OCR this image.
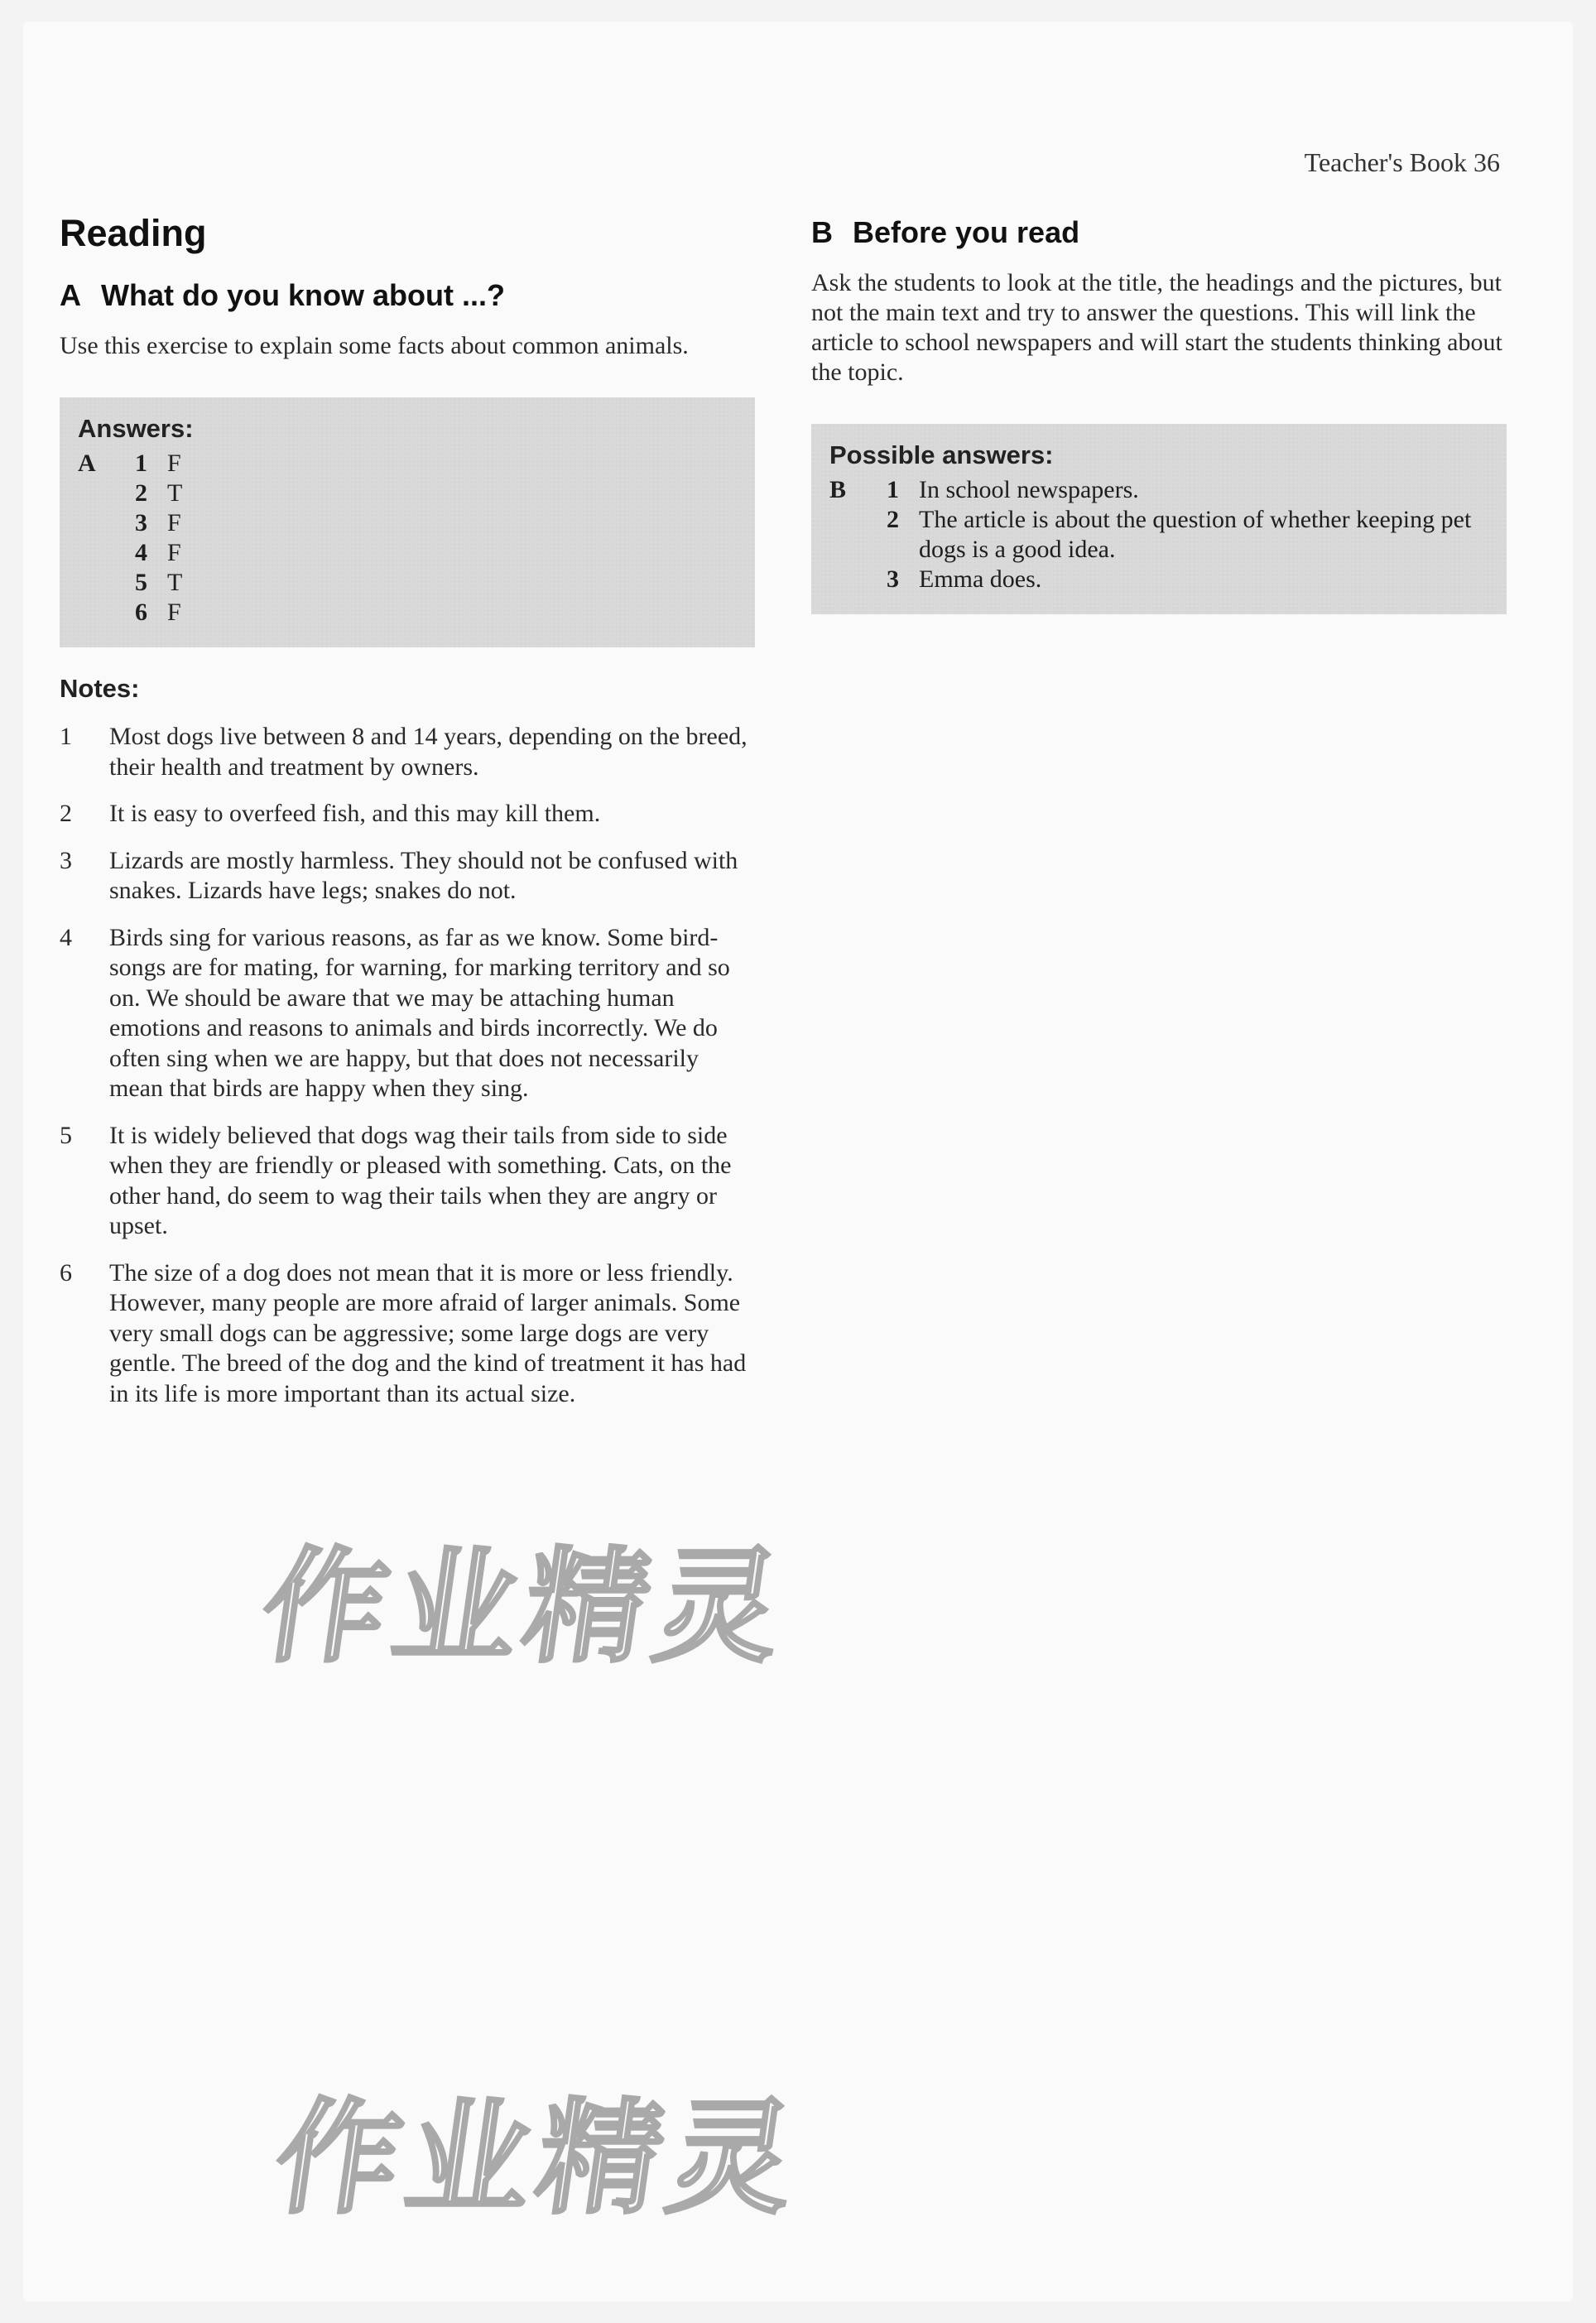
Teacher's Book 36
Reading
A What do you know about ...?

Use this exercise to explain some facts about common animals.

Answers:
A	1 F
2 T
3 F
4 F
5 T
6 F
Notes:
1	Most dogs live between 8 and 14 years, depending on the breed, their health and treatment by owners.
2	It is easy to overfeed fish, and this may kill them.
3	Lizards are mostly harmless. They should not be confused with snakes. Lizards have legs; snakes do not.
4	Birds sing for various reasons, as far as we know. Some bird-songs are for mating, for warning, for marking territory and so on. We should be aware that we may be attaching human emotions and reasons to animals and birds incorrectly. We do often sing when we are happy, but that does not necessarily mean that birds are happy when they sing.
5	It is widely believed that dogs wag their tails from side to side when they are friendly or pleased with something. Cats, on the other hand, do seem to wag their tails when they are angry or upset.
6	The size of a dog does not mean that it is more or less friendly. However, many people are more afraid of larger animals. Some very small dogs can be aggressive; some large dogs are very gentle. The breed of the dog and the kind of treatment it has had in its life is more important than its actual size.
B Before you read

Ask the students to look at the title, the headings and the pictures, but not the main text and try to answer the questions. This will link the article to school newspapers and will start the students thinking about the topic.

Possible answers:
B	1 In school newspapers.
2 The article is about the question of whether keeping pet dogs is a good idea.
3 Emma does.
作业精灵
作业精灵
